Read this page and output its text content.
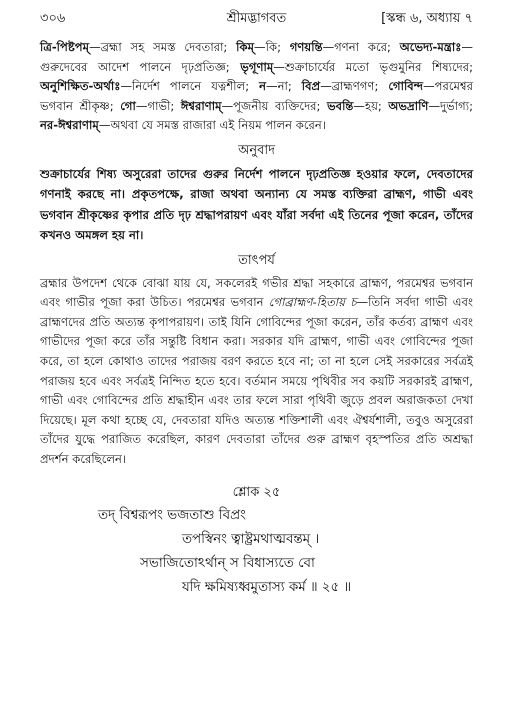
৩০৬	শ্রীমদ্ভাগবত	[স্কন্ধ ৬, অধ্যায় ৭

ত্রি-পিষ্টপম্—ব্রহ্মা সহ সমস্ত দেবতারা; কিম্—কি; গণয়ন্তি—গণনা করে; অভেদ্য-মন্ত্রাঃ—গুরুদেবের আদেশ পালনে দৃঢ়প্রতিজ্ঞ; ভৃগূণাম্—শুক্রাচার্যের মতো ভৃগুমুনির শিষ্যদের; অনুশিক্ষিত-অর্থাঃ—নির্দেশ পালনে যত্নশীল; ন—না; বিপ্র—ব্রাহ্মণগণ; গোবিন্দ—পরমেশ্বর ভগবান শ্রীকৃষ্ণ; গো—গাভী; ঈশ্বরাণাম্—পূজনীয় ব্যক্তিদের; ভবন্তি—হয়; অভদ্রাণি—দুর্ভাগ্য; নর-ঈশ্বরাণাম্—অথবা যে সমস্ত রাজারা এই নিয়ম পালন করেন।

অনুবাদ

শুক্রাচার্যের শিষ্য অসুরেরা তাদের গুরুর নির্দেশ পালনে দৃঢ়প্রতিজ্ঞ হওয়ার ফলে, দেবতাদের গণনাই করছে না। প্রকৃতপক্ষে, রাজা অথবা অন্যান্য যে সমস্ত ব্যক্তিরা ব্রাহ্মণ, গাভী এবং ভগবান শ্রীকৃষ্ণের কৃপার প্রতি দৃঢ় শ্রদ্ধাপরায়ণ এবং যাঁরা সর্বদা এই তিনের পূজা করেন, তাঁদের কখনও অমঙ্গল হয় না।

তাৎপর্য

ব্রহ্মার উপদেশ থেকে বোঝা যায় যে, সকলেরই গভীর শ্রদ্ধা সহকারে ব্রাহ্মণ, পরমেশ্বর ভগবান এবং গাভীর পূজা করা উচিত। পরমেশ্বর ভগবান গোব্রাহ্মণ-হিতায় চ—তিনি সর্বদা গাভী এবং ব্রাহ্মণদের প্রতি অত্যন্ত কৃপাপরায়ণ। তাই যিনি গোবিন্দের পূজা করেন, তাঁর কর্তব্য ব্রাহ্মণ এবং গাভীদের পূজা করে তাঁর সন্তুষ্টি বিধান করা। সরকার যদি ব্রাহ্মণ, গাভী এবং গোবিন্দের পূজা করে, তা হলে কোথাও তাদের পরাজয় বরণ করতে হবে না; তা না হলে সেই সরকারের সর্বত্রই পরাজয় হবে এবং সর্বত্রই নিন্দিত হতে হবে। বর্তমান সময়ে পৃথিবীর সব কয়টি সরকারই ব্রাহ্মণ, গাভী এবং গোবিন্দের প্রতি শ্রদ্ধাহীন এবং তার ফলে সারা পৃথিবী জুড়ে প্রবল অরাজকতা দেখা দিয়েছে। মূল কথা হচ্ছে যে, দেবতারা যদিও অত্যন্ত শক্তিশালী এবং ঐশ্বর্যশালী, তবুও অসুরেরা তাঁদের যুদ্ধে পরাজিত করেছিল, কারণ দেবতারা তাঁদের গুরু ব্রাহ্মণ বৃহস্পতির প্রতি অশ্রদ্ধা প্রদর্শন করেছিলেন।

শ্লোক ২৫
তদ্ বিশ্বরূপং ভজতাশু বিপ্রং
তপস্বিনং ত্বাষ্ট্রমথাত্মবন্তম্ ।
সভাজিতোঽর্থান্ স বিধাস্যতে বো
যদি ক্ষমিষ্যধ্বমুতাস্য কর্ম ॥ ২৫ ॥
